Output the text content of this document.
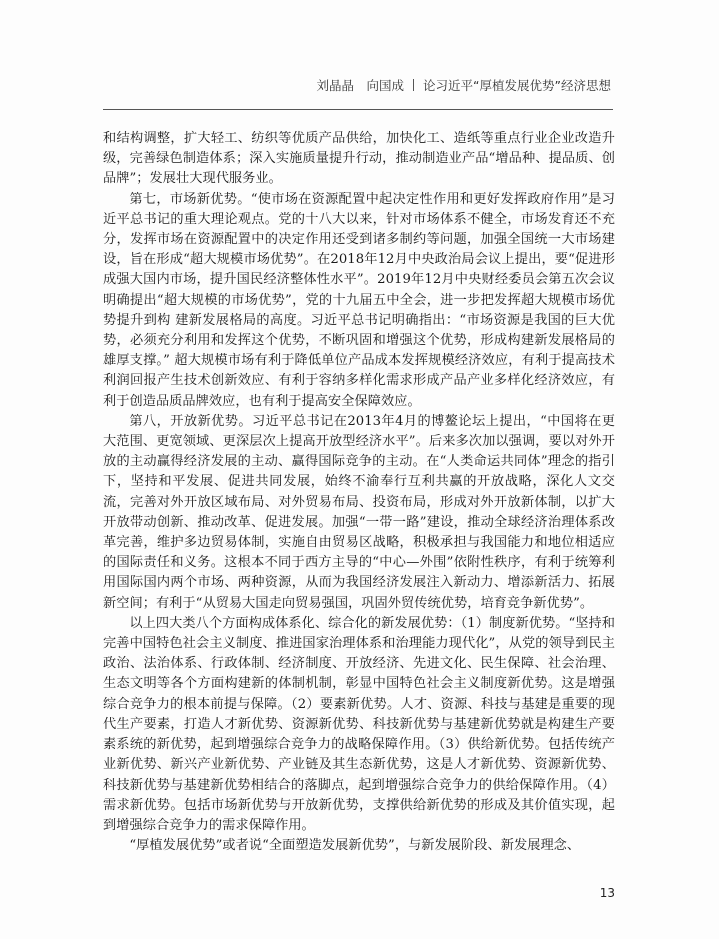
刘晶晶　向国成 论习近平“厚植发展优势”经济思想

和结构调整，扩大轻工、纺织等优质产品供给，加快化工、造纸等重点行业企业改造升级，完善绿色制造体系；深入实施质量提升行动，推动制造业产品“增品种、提品质、创品牌”；发展壮大现代服务业。

第七，市场新优势。“使市场在资源配置中起决定性作用和更好发挥政府作用”是习近平总书记的重大理论观点。党的十八大以来，针对市场体系不健全，市场发育还不充分，发挥市场在资源配置中的决定作用还受到诸多制约等问题，加强全国统一大市场建设，旨在形成“超大规模市场优势”。在2018年12月中央政治局会议上提出，要“促进形成强大国内市场，提升国民经济整体性水平”。2019年12月中央财经委员会第五次会议明确提出“超大规模的市场优势”，党的十九届五中全会，进一步把发挥超大规模市场优势提升到构 建新发展格局的高度。习近平总书记明确指出：“市场资源是我国的巨大优势，必须充分利用和发挥这个优势，不断巩固和增强这个优势，形成构建新发展格局的雄厚支撑。” 超大规模市场有利于降低单位产品成本发挥规模经济效应，有利于提高技术利润回报产生技术创新效应、有利于容纳多样化需求形成产品产业多样化经济效应，有利于创造品质品牌效应，也有利于提高安全保障效应。

第八，开放新优势。习近平总书记在2013年4月的博鳌论坛上提出，“中国将在更大范围、更宽领域、更深层次上提高开放型经济水平”。后来多次加以强调，要以对外开放的主动赢得经济发展的主动、赢得国际竞争的主动。在“人类命运共同体”理念的指引下，坚持和平发展、促进共同发展，始终不渝奉行互利共赢的开放战略，深化人文交流，完善对外开放区域布局、对外贸易布局、投资布局，形成对外开放新体制，以扩大开放带动创新、推动改革、促进发展。加强“一带一路”建设，推动全球经济治理体系改革完善，维护多边贸易体制，实施自由贸易区战略，积极承担与我国能力和地位相适应的国际责任和义务。这根本不同于西方主导的“中心—外围”依附性秩序，有利于统筹利用国际国内两个市场、两种资源，从而为我国经济发展注入新动力、增添新活力、拓展新空间；有利于“从贸易大国走向贸易强国，巩固外贸传统优势，培育竞争新优势”。

以上四大类八个方面构成体系化、综合化的新发展优势：（1）制度新优势。“坚持和完善中国特色社会主义制度、推进国家治理体系和治理能力现代化”，从党的领导到民主政治、法治体系、行政体制、经济制度、开放经济、先进文化、民生保障、社会治理、生态文明等各个方面构建新的体制机制，彰显中国特色社会主义制度新优势。这是增强综合竞争力的根本前提与保障。（2）要素新优势。人才、资源、科技与基建是重要的现代生产要素，打造人才新优势、资源新优势、科技新优势与基建新优势就是构建生产要素系统的新优势，起到增强综合竞争力的战略保障作用。（3）供给新优势。包括传统产业新优势、新兴产业新优势、产业链及其生态新优势，这是人才新优势、资源新优势、科技新优势与基建新优势相结合的落脚点，起到增强综合竞争力的供给保障作用。（4）需求新优势。包括市场新优势与开放新优势，支撑供给新优势的形成及其价值实现，起到增强综合竞争力的需求保障作用。

“厚植发展优势”或者说“全面塑造发展新优势”，与新发展阶段、新发展理念、

13
